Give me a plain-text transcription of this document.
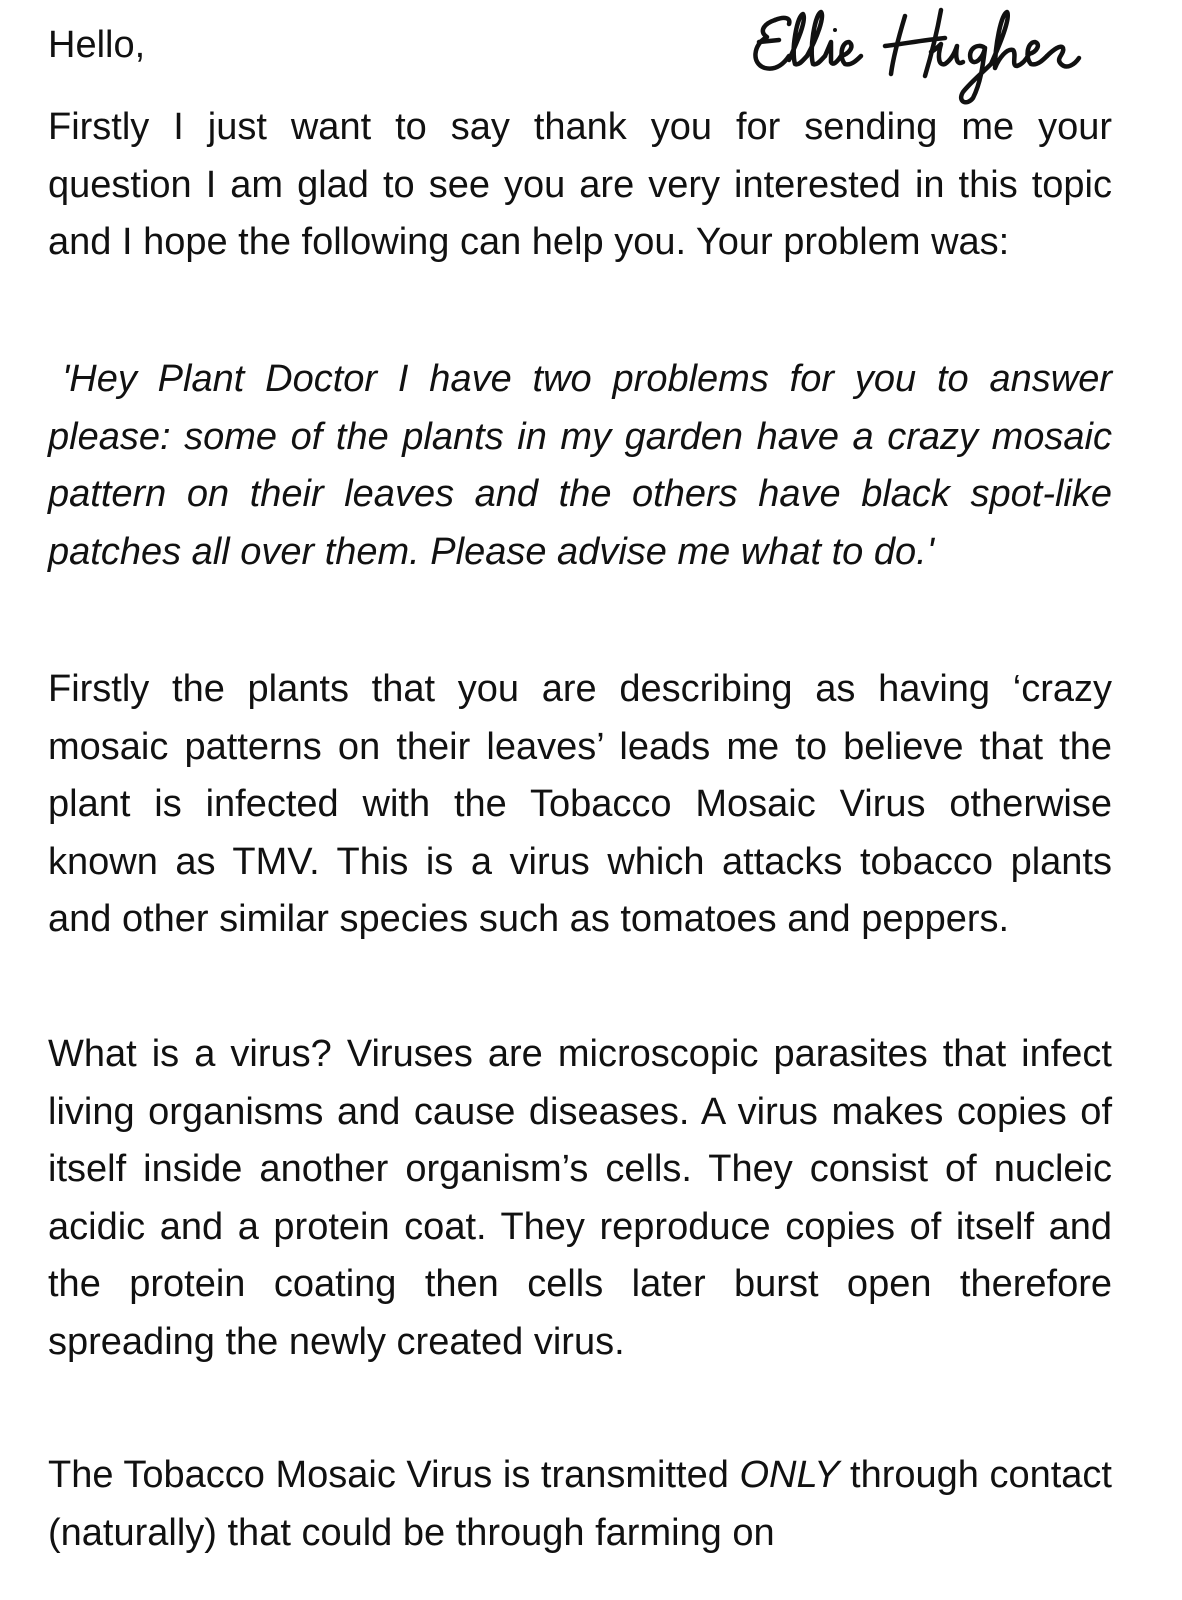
Hello,

Firstly I just want to say thank you for sending me your question I am glad to see you are very interested in this topic and I hope the following can help you. Your problem was:

'Hey Plant Doctor I have two problems for you to answer please: some of the plants in my garden have a crazy mosaic pattern on their leaves and the others have black spot-like patches all over them. Please advise me what to do.'

Firstly the plants that you are describing as having ‘crazy mosaic patterns on their leaves’ leads me to believe that the plant is infected with the Tobacco Mosaic Virus otherwise known as TMV. This is a virus which attacks tobacco plants and other similar species such as tomatoes and peppers.

What is a virus? Viruses are microscopic parasites that infect living organisms and cause diseases. A virus makes copies of itself inside another organism’s cells. They consist of nucleic acidic and a protein coat. They reproduce copies of itself and the protein coating then cells later burst open therefore spreading the newly created virus.

The Tobacco Mosaic Virus is transmitted ONLY through contact (naturally) that could be through farming on
